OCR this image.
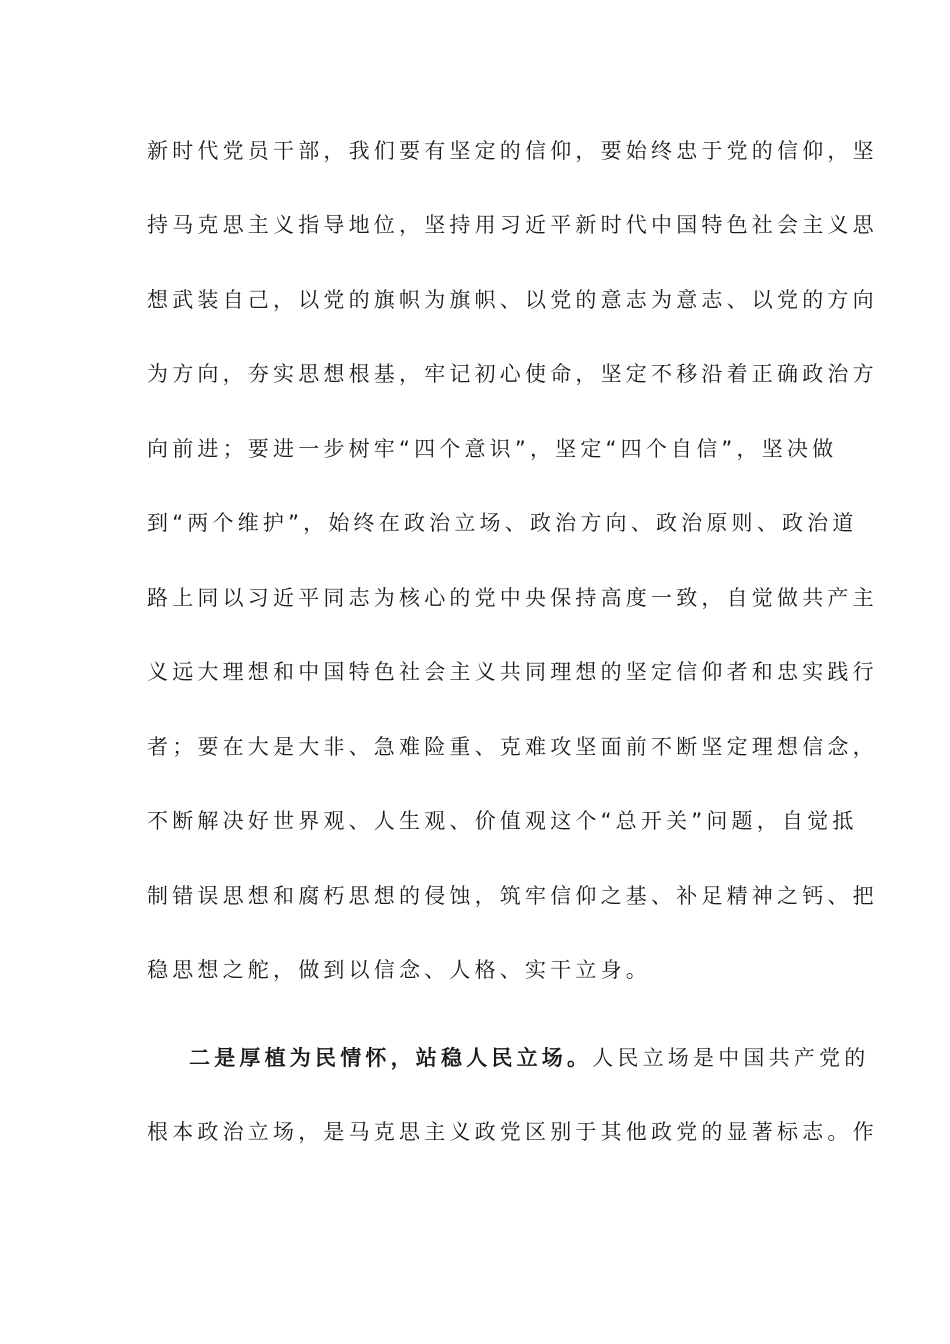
新时代党员干部，我们要有坚定的信仰，要始终忠于党的信仰，坚
持马克思主义指导地位，坚持用习近平新时代中国特色社会主义思
想武装自己，以党的旗帜为旗帜、以党的意志为意志、以党的方向
为方向，夯实思想根基，牢记初心使命，坚定不移沿着正确政治方
向前进；要进一步树牢“四个意识”，坚定“四个自信”，坚决做
到“两个维护”，始终在政治立场、政治方向、政治原则、政治道
路上同以习近平同志为核心的党中央保持高度一致，自觉做共产主
义远大理想和中国特色社会主义共同理想的坚定信仰者和忠实践行
者；要在大是大非、急难险重、克难攻坚面前不断坚定理想信念，
不断解决好世界观、人生观、价值观这个“总开关”问题，自觉抵
制错误思想和腐朽思想的侵蚀，筑牢信仰之基、补足精神之钙、把
稳思想之舵，做到以信念、人格、实干立身。
二是厚植为民情怀，站稳人民立场。人民立场是中国共产党的
根本政治立场，是马克思主义政党区别于其他政党的显著标志。作
